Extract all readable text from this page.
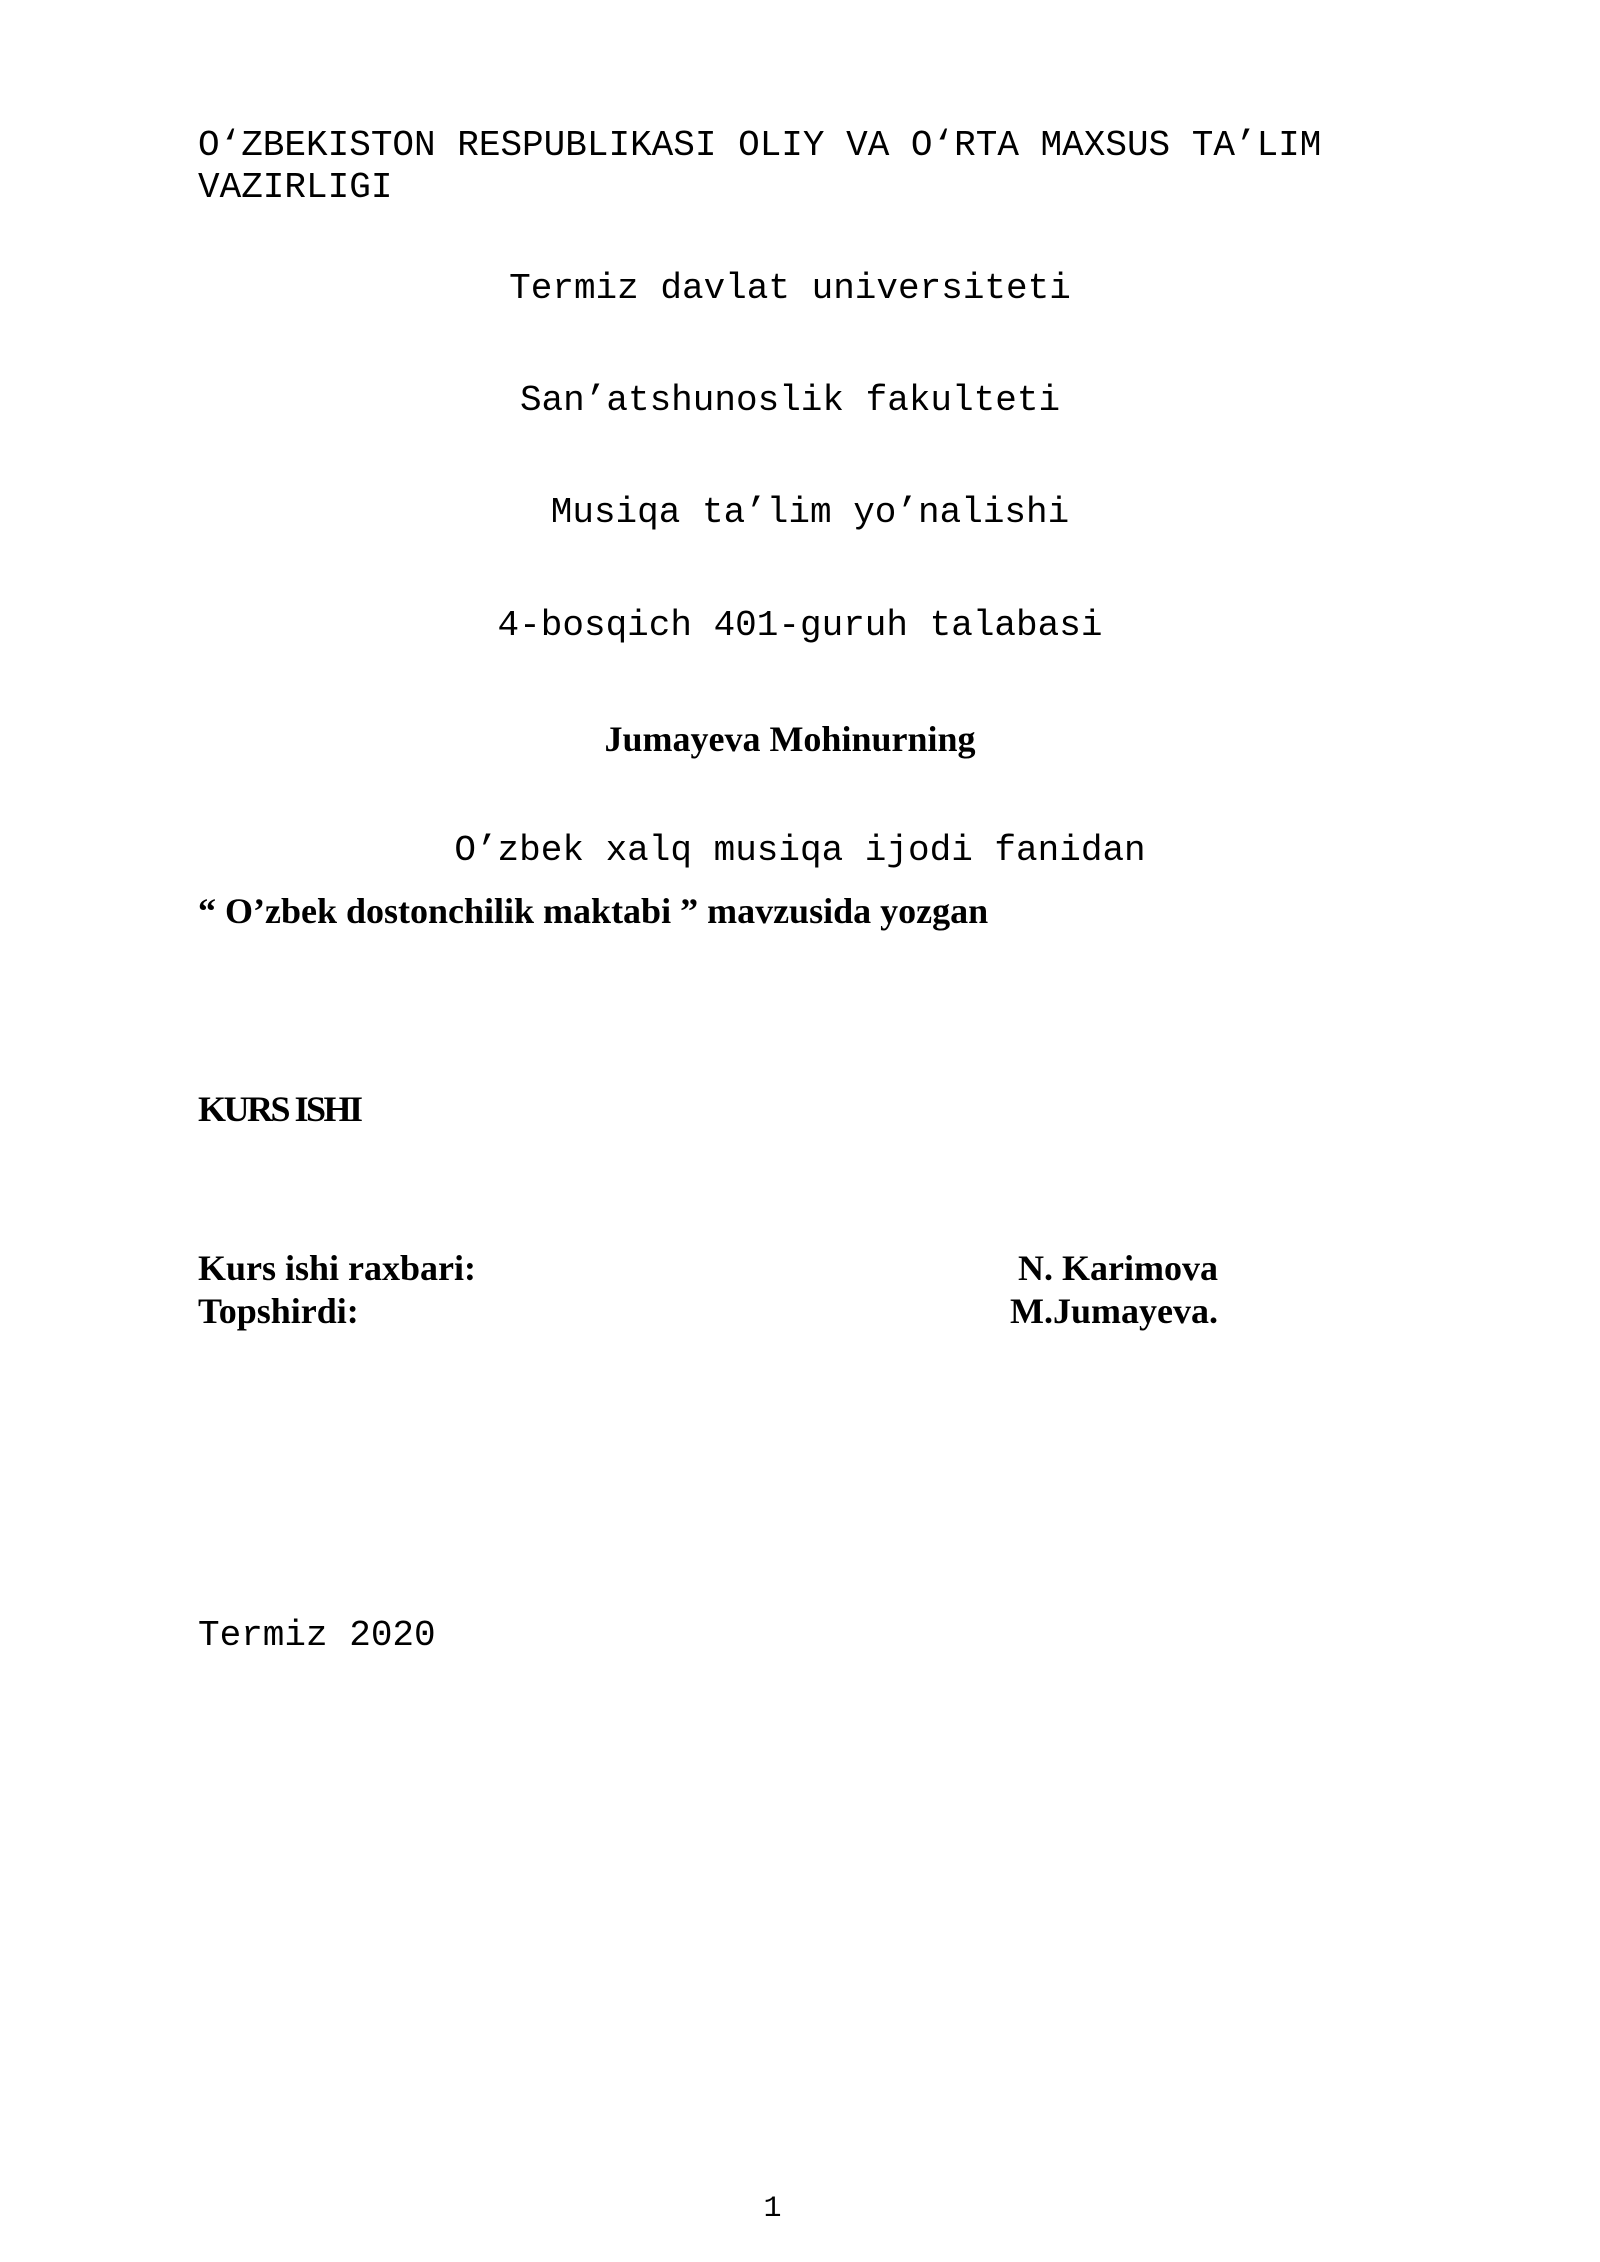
O‘ZBEKISTON RESPUBLIKASI OLIY VA O‘RTA MAXSUS TA’LIM
VAZIRLIGI
Termiz davlat universiteti
San’atshunoslik fakulteti
Musiqa ta’lim yo’nalishi
4-bosqich 401-guruh talabasi
Jumayeva Mohinurning
O’zbek xalq musiqa ijodi fanidan
“ O’zbek dostonchilik maktabi ” mavzusida yozgan
KURS ISHI
Kurs ishi raxbari:	N. Karimova
Topshirdi:	M.Jumayeva.
Termiz 2020
1
